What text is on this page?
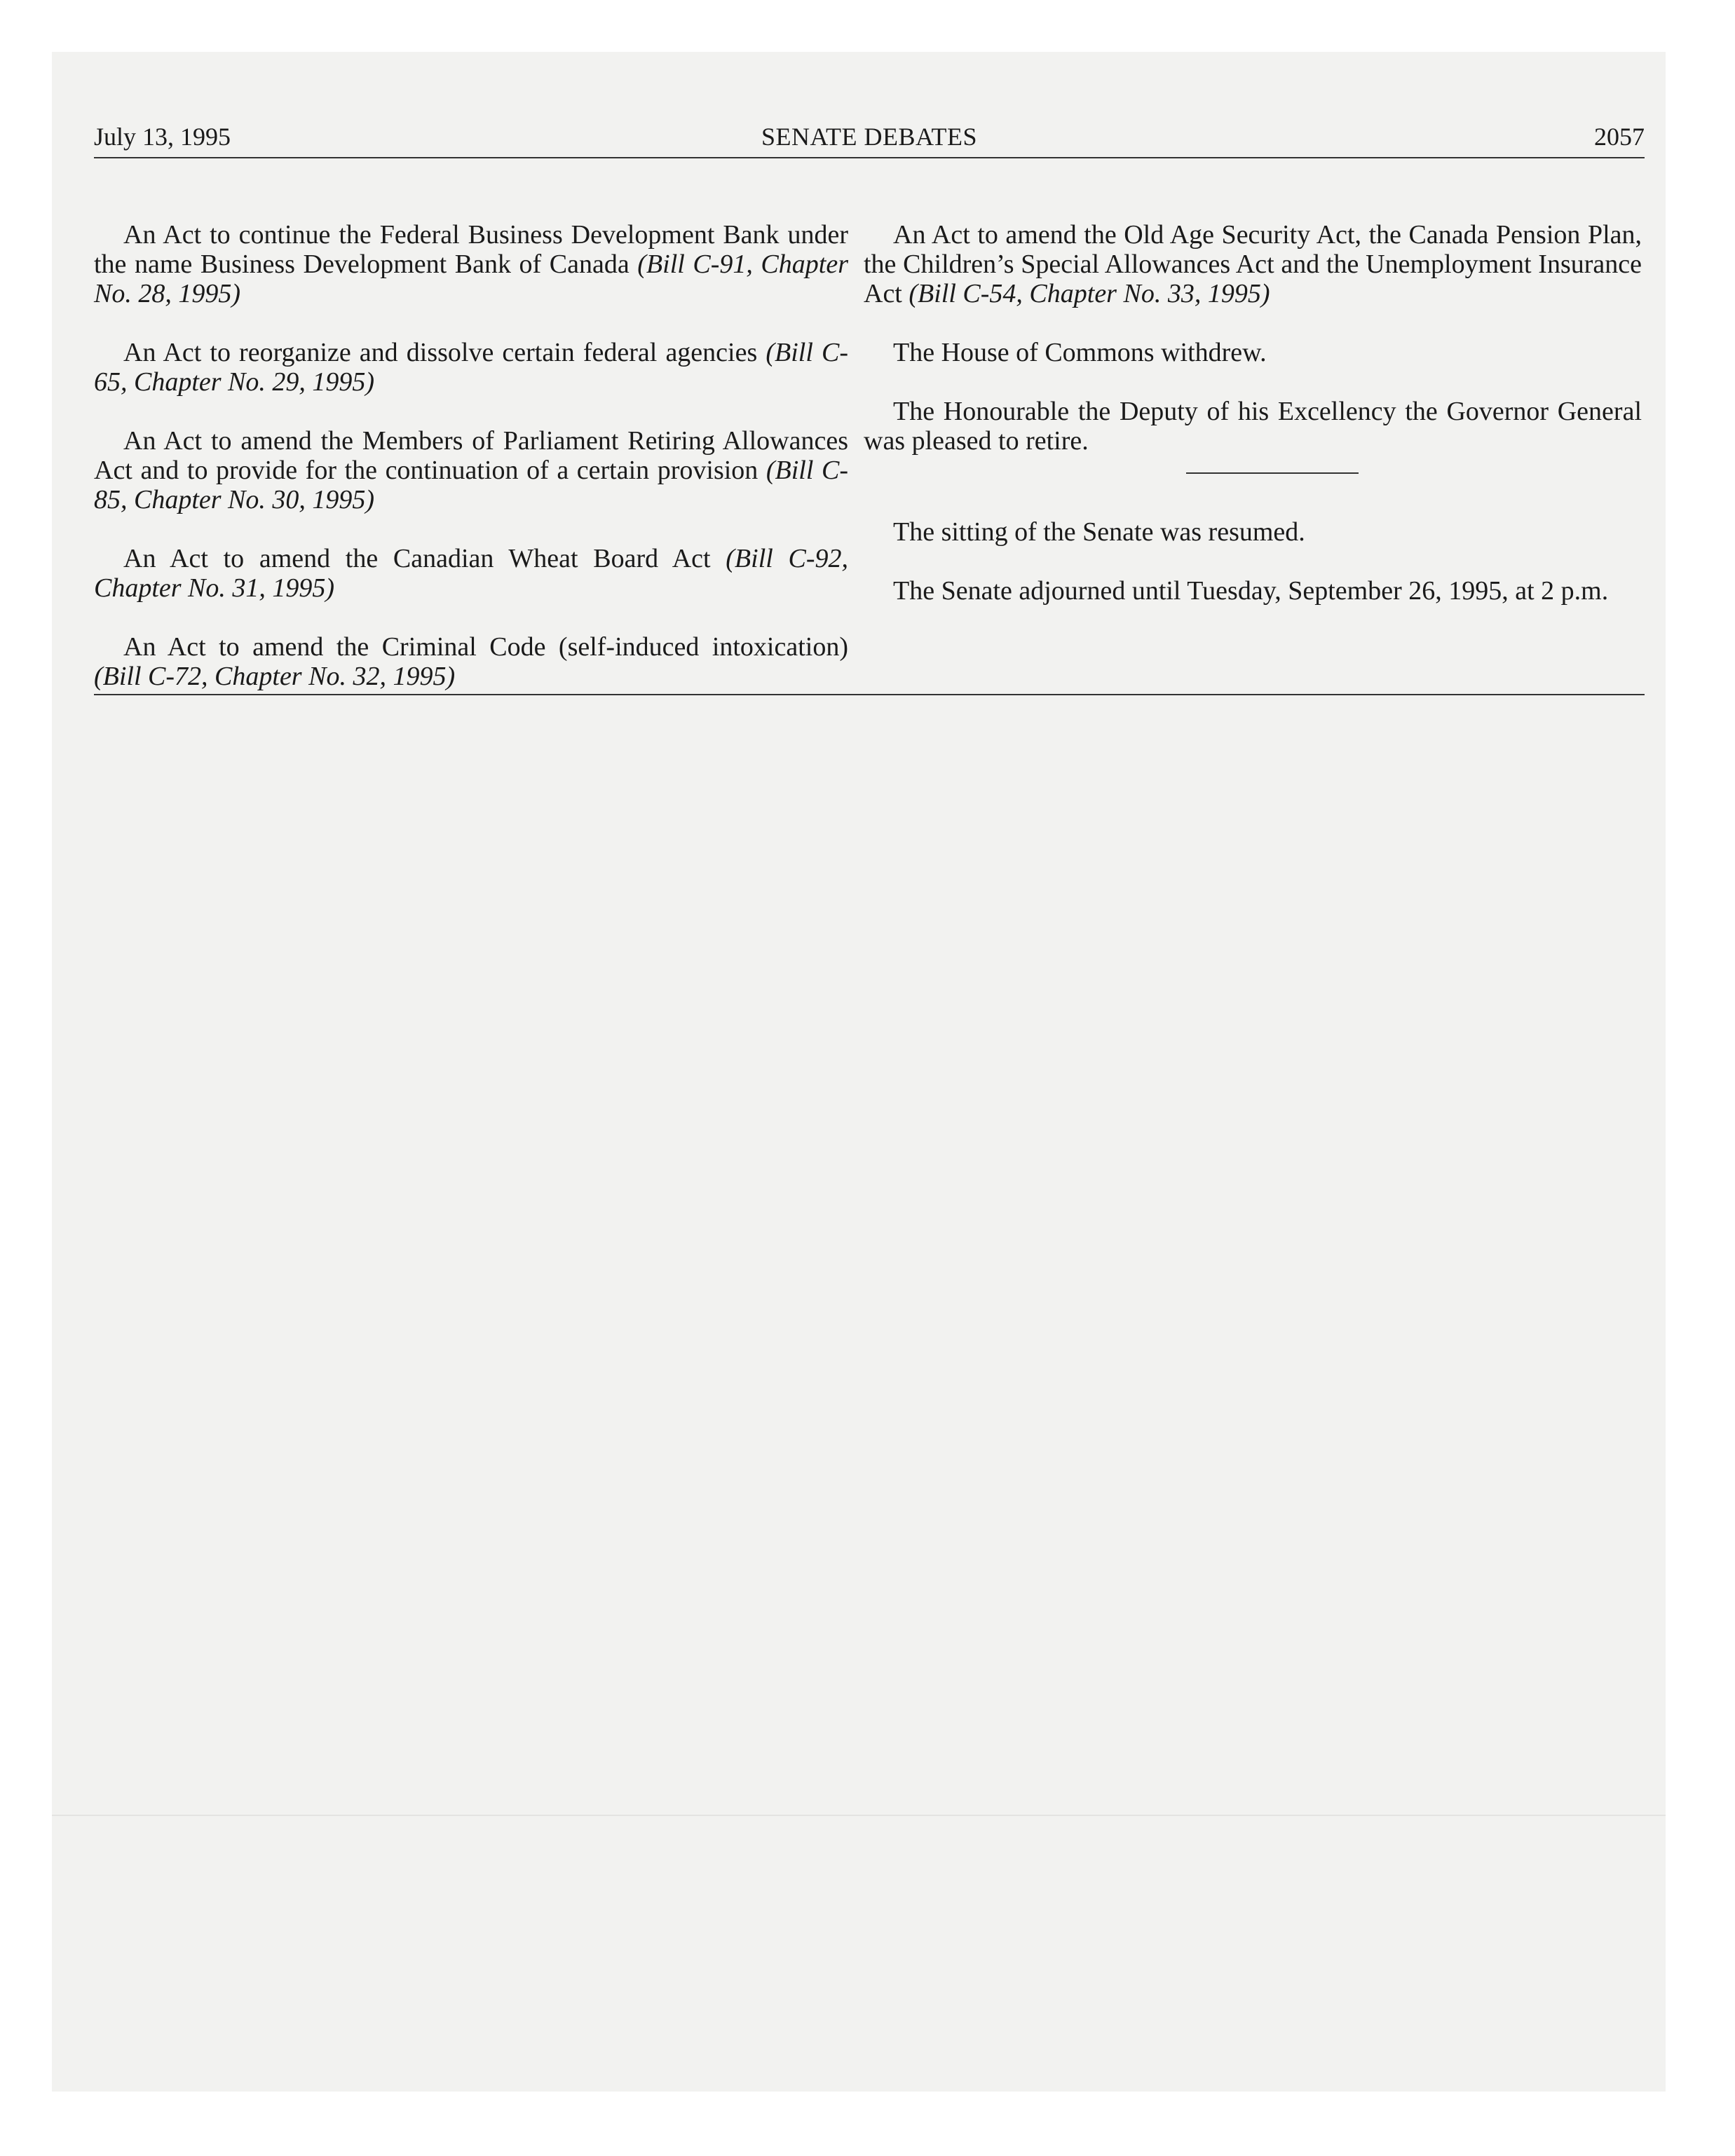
July 13, 1995	SENATE DEBATES	2057

An Act to continue the Federal Business Development Bank under the name Business Development Bank of Canada (Bill C-91, Chapter No. 28, 1995)

An Act to reorganize and dissolve certain federal agencies (Bill C-65, Chapter No. 29, 1995)

An Act to amend the Members of Parliament Retiring Allowances Act and to provide for the continuation of a certain provision (Bill C-85, Chapter No. 30, 1995)

An Act to amend the Canadian Wheat Board Act (Bill C-92, Chapter No. 31, 1995)

An Act to amend the Criminal Code (self-induced intoxication) (Bill C-72, Chapter No. 32, 1995)

An Act to amend the Old Age Security Act, the Canada Pension Plan, the Children’s Special Allowances Act and the Unemployment Insurance Act (Bill C-54, Chapter No. 33, 1995)

The House of Commons withdrew.

The Honourable the Deputy of his Excellency the Governor General was pleased to retire.

The sitting of the Senate was resumed.

The Senate adjourned until Tuesday, September 26, 1995, at 2 p.m.
